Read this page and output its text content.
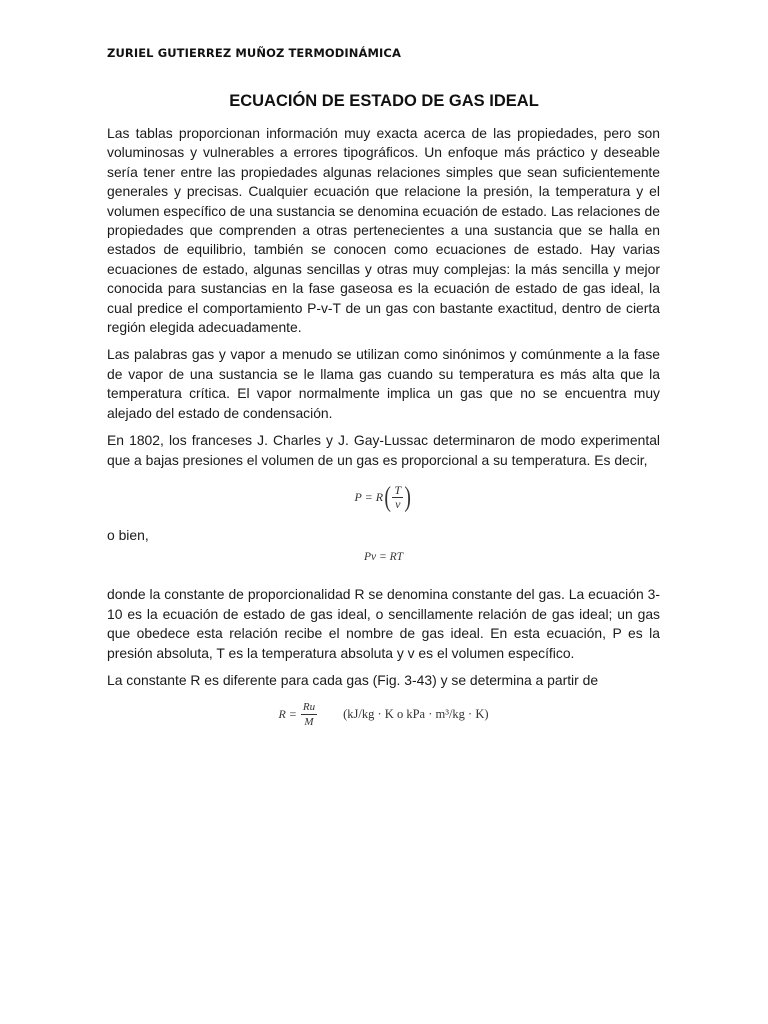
ZURIEL GUTIERREZ MUÑOZ TERMODINÁMICA
ECUACIÓN DE ESTADO DE GAS IDEAL

Las tablas proporcionan información muy exacta acerca de las propiedades, pero son voluminosas y vulnerables a errores tipográficos. Un enfoque más práctico y deseable sería tener entre las propiedades algunas relaciones simples que sean suficientemente generales y precisas. Cualquier ecuación que relacione la presión, la temperatura y el volumen específico de una sustancia se denomina ecuación de estado. Las relaciones de propiedades que comprenden a otras pertenecientes a una sustancia que se halla en estados de equilibrio, también se conocen como ecuaciones de estado. Hay varias ecuaciones de estado, algunas sencillas y otras muy complejas: la más sencilla y mejor conocida para sustancias en la fase gaseosa es la ecuación de estado de gas ideal, la cual predice el comportamiento P-v-T de un gas con bastante exactitud, dentro de cierta región elegida adecuadamente.

Las palabras gas y vapor a menudo se utilizan como sinónimos y comúnmente a la fase de vapor de una sustancia se le llama gas cuando su temperatura es más alta que la temperatura crítica. El vapor normalmente implica un gas que no se encuentra muy alejado del estado de condensación.

En 1802, los franceses J. Charles y J. Gay-Lussac determinaron de modo experimental que a bajas presiones el volumen de un gas es proporcional a su temperatura. Es decir,

P = R ( $\frac{T}{v}$ )

o bien,

Pv = RT

donde la constante de proporcionalidad R se denomina constante del gas. La ecuación 3-10 es la ecuación de estado de gas ideal, o sencillamente relación de gas ideal; un gas que obedece esta relación recibe el nombre de gas ideal. En esta ecuación, P es la presión absoluta, T es la temperatura absoluta y v es el volumen específico.

La constante R es diferente para cada gas (Fig. 3-43) y se determina a partir de

$R = \frac{Ru}{M} (kJ/kg \cdot K$ o kPa · m³/kg · K)
